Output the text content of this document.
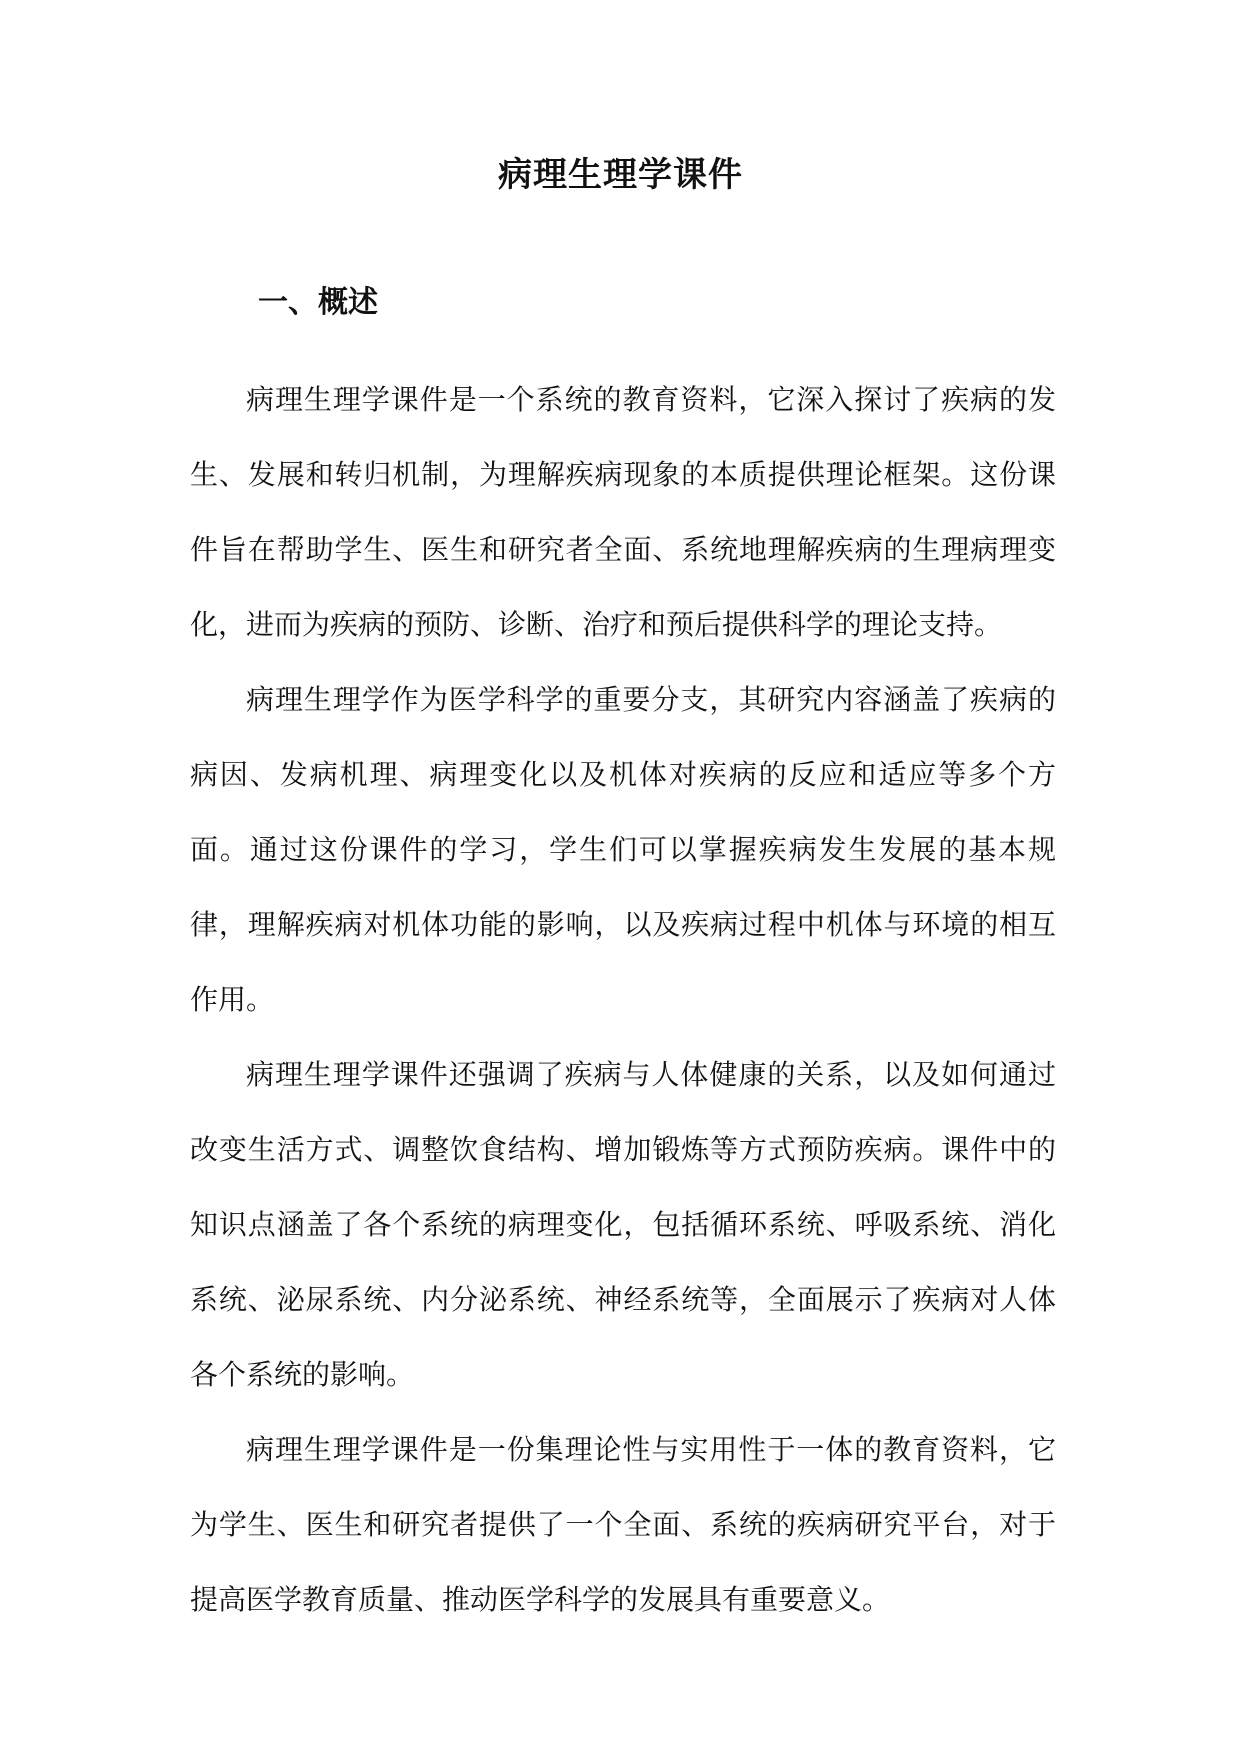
病理生理学课件
一、概述

病理生理学课件是一个系统的教育资料，它深入探讨了疾病的发生、发展和转归机制，为理解疾病现象的本质提供理论框架。这份课件旨在帮助学生、医生和研究者全面、系统地理解疾病的生理病理变化，进而为疾病的预防、诊断、治疗和预后提供科学的理论支持。

病理生理学作为医学科学的重要分支，其研究内容涵盖了疾病的病因、发病机理、病理变化以及机体对疾病的反应和适应等多个方面。通过这份课件的学习，学生们可以掌握疾病发生发展的基本规律，理解疾病对机体功能的影响，以及疾病过程中机体与环境的相互作用。

病理生理学课件还强调了疾病与人体健康的关系，以及如何通过改变生活方式、调整饮食结构、增加锻炼等方式预防疾病。课件中的知识点涵盖了各个系统的病理变化，包括循环系统、呼吸系统、消化系统、泌尿系统、内分泌系统、神经系统等，全面展示了疾病对人体各个系统的影响。

病理生理学课件是一份集理论性与实用性于一体的教育资料，它为学生、医生和研究者提供了一个全面、系统的疾病研究平台，对于提高医学教育质量、推动医学科学的发展具有重要意义。
